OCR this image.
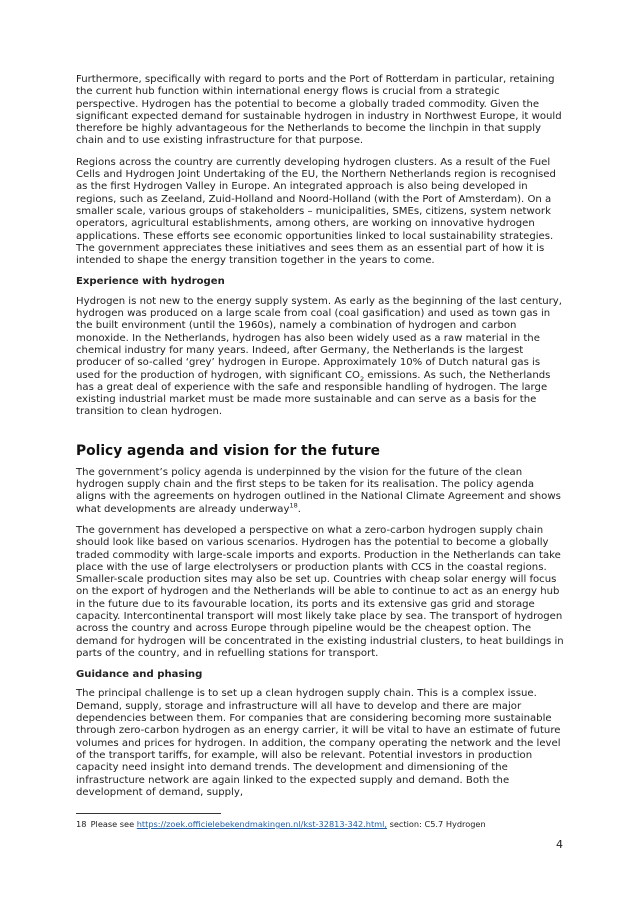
Furthermore, specifically with regard to ports and the Port of Rotterdam in particular, retaining the current hub function within international energy flows is crucial from a strategic perspective. Hydrogen has the potential to become a globally traded commodity. Given the significant expected demand for sustainable hydrogen in industry in Northwest Europe, it would therefore be highly advantageous for the Netherlands to become the linchpin in that supply chain and to use existing infrastructure for that purpose.

Regions across the country are currently developing hydrogen clusters. As a result of the Fuel Cells and Hydrogen Joint Undertaking of the EU, the Northern Netherlands region is recognised as the first Hydrogen Valley in Europe. An integrated approach is also being developed in regions, such as Zeeland, Zuid-Holland and Noord-Holland (with the Port of Amsterdam). On a smaller scale, various groups of stakeholders – municipalities, SMEs, citizens, system network operators, agricultural establishments, among others, are working on innovative hydrogen applications. These efforts see economic opportunities linked to local sustainability strategies. The government appreciates these initiatives and sees them as an essential part of how it is intended to shape the energy transition together in the years to come.

Experience with hydrogen

Hydrogen is not new to the energy supply system. As early as the beginning of the last century, hydrogen was produced on a large scale from coal (coal gasification) and used as town gas in the built environment (until the 1960s), namely a combination of hydrogen and carbon monoxide. In the Netherlands, hydrogen has also been widely used as a raw material in the chemical industry for many years. Indeed, after Germany, the Netherlands is the largest producer of so-called ‘grey’ hydrogen in Europe. Approximately 10% of Dutch natural gas is used for the production of hydrogen, with significant $CO_2$ emissions. As such, the Netherlands has a great deal of experience with the safe and responsible handling of hydrogen. The large existing industrial market must be made more sustainable and can serve as a basis for the transition to clean hydrogen.

Policy agenda and vision for the future

The government’s policy agenda is underpinned by the vision for the future of the clean hydrogen supply chain and the first steps to be taken for its realisation. The policy agenda aligns with the agreements on hydrogen outlined in the National Climate Agreement and shows what developments are already underway$^{18}$.

The government has developed a perspective on what a zero-carbon hydrogen supply chain should look like based on various scenarios. Hydrogen has the potential to become a globally traded commodity with large-scale imports and exports. Production in the Netherlands can take place with the use of large electrolysers or production plants with CCS in the coastal regions. Smaller-scale production sites may also be set up. Countries with cheap solar energy will focus on the export of hydrogen and the Netherlands will be able to continue to act as an energy hub in the future due to its favourable location, its ports and its extensive gas grid and storage capacity. Intercontinental transport will most likely take place by sea. The transport of hydrogen across the country and across Europe through pipeline would be the cheapest option. The demand for hydrogen will be concentrated in the existing industrial clusters, to heat buildings in parts of the country, and in refuelling stations for transport.

Guidance and phasing

The principal challenge is to set up a clean hydrogen supply chain. This is a complex issue. Demand, supply, storage and infrastructure will all have to develop and there are major dependencies between them. For companies that are considering becoming more sustainable through zero-carbon hydrogen as an energy carrier, it will be vital to have an estimate of future volumes and prices for hydrogen. In addition, the company operating the network and the level of the transport tariffs, for example, will also be relevant. Potential investors in production capacity need insight into demand trends. The development and dimensioning of the infrastructure network are again linked to the expected supply and demand. Both the development of demand, supply,

18 Please see https://zoek.officielebekendmakingen.nl/kst-32813-342.html, section: C5.7 Hydrogen
4
